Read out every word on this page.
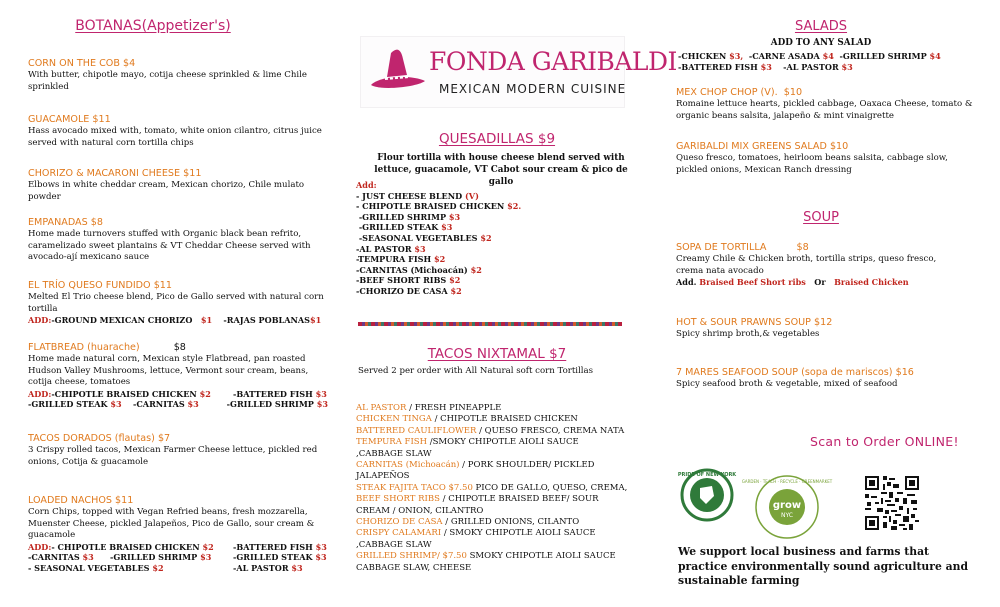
BOTANAS(Appetizer's)
CORN ON THE COB $4
With butter, chipotle mayo, cotija cheese sprinkled & lime Chile sprinkled
GUACAMOLE $11
Hass avocado mixed with, tomato, white onion cilantro, citrus juice served with natural corn tortilla chips
CHORIZO & MACARONI CHEESE $11
Elbows in white cheddar cream, Mexican chorizo, Chile mulato powder
EMPANADAS $8
Home made turnovers stuffed with Organic black bean refrito, caramelizado sweet plantains & VT Cheddar Cheese served with avocado-ají mexicano sauce
EL TRÍO QUESO FUNDIDO $11
Melted El Trio cheese blend, Pico de Gallo served with natural corn tortilla
ADD:-GROUND MEXICAN CHORIZO $1 -RAJAS POBLANAS$1
FLATBREAD (huarache)	$8
Home made natural corn, Mexican style Flatbread, pan roasted Hudson Valley Mushrooms, lettuce, Vermont sour cream, beans, cotija cheese, tomatoes
ADD:-CHIPOTLE BRAISED CHICKEN $2	-BATTERED FISH $3
-GRILLED STEAK $3	-CARNITAS $3	-GRILLED SHRIMP $3
TACOS DORADOS (flautas) $7
3 Crispy rolled tacos, Mexican Farmer Cheese lettuce, pickled red onions, Cotija & guacamole
LOADED NACHOS $11
Corn Chips, topped with Vegan Refried beans, fresh mozzarella, Muenster Cheese, pickled Jalapeños, Pico de Gallo, sour cream & guacamole
ADD:- CHIPOTLE BRAISED CHICKEN $2	-BATTERED FISH $3
-CARNITAS $3	-GRILLED SHRIMP $3	-GRILLED STEAK $3
- SEASONAL VEGETABLES $2	-AL PASTOR $3
FONDA GARIBALDI
MEXICAN MODERN CUISINE
QUESADILLAS $9
Flour tortilla with house cheese blend served with lettuce, guacamole, VT Cabot sour cream & pico de gallo
Add:
- JUST CHEESE BLEND (V)
- CHIPOTLE BRAISED CHICKEN $2.
-GRILLED SHRIMP $3
-GRILLED STEAK $3
-SEASONAL VEGETABLES $2
-AL PASTOR $3
-TEMPURA FISH $2
-CARNITAS (Michoacán) $2
-BEEF SHORT RIBS $2
-CHORIZO DE CASA $2
TACOS NIXTAMAL $7
Served 2 per order with All Natural soft corn Tortillas
AL PASTOR / FRESH PINEAPPLE
CHICKEN TINGA / CHIPOTLE BRAISED CHICKEN
BATTERED CAULIFLOWER / QUESO FRESCO, CREMA NATA
TEMPURA FISH /SMOKY CHIPOTLE AIOLI SAUCE
,CABBAGE SLAW
CARNITAS (Michoacán) / PORK SHOULDER/ PICKLED
JALAPEÑOS
STEAK FAJITA TACO $7.50 PICO DE GALLO, QUESO, CREMA,
BEEF SHORT RIBS / CHIPOTLE BRAISED BEEF/ SOUR
CREAM / ONION, CILANTRO
CHORIZO DE CASA / GRILLED ONIONS, CILANTO
CRISPY CALAMARI / SMOKY CHIPOTLE AIOLI SAUCE
,CABBAGE SLAW
GRILLED SHRIMP/ $7.50 SMOKY CHIPOTLE AIOLI SAUCE
CABBAGE SLAW, CHEESE
SALADS
ADD TO ANY SALAD
-CHICKEN $3, -CARNE ASADA $4 -GRILLED SHRIMP $4
-BATTERED FISH $3 -AL PASTOR $3
MEX CHOP CHOP (V). $10
Romaine lettuce hearts, pickled cabbage, Oaxaca Cheese, tomato & organic beans salsita, jalapeño & mint vinaigrette
GARIBALDI MIX GREENS SALAD $10
Queso fresco, tomatoes, heirloom beans salsita, cabbage slow, pickled onions, Mexican Ranch dressing
SOUP
SOPA DE TORTILLA	$8
Creamy Chile & Chicken broth, tortilla strips, queso fresco, crema nata avocado
Add. Braised Beef Short ribs Or Braised Chicken
HOT & SOUR PRAWNS SOUP $12
Spicy shrimp broth,& vegetables
7 MARES SEAFOOD SOUP (sopa de mariscos) $16
Spicy seafood broth & vegetable, mixed of seafood
Scan to Order ONLINE!
PRIDE OF NEW YORK
grow
NYC
GARDEN · TEACH · RECYCLE · GREENMARKET
We support local business and farms that practice environmentally sound agriculture and sustainable farming
